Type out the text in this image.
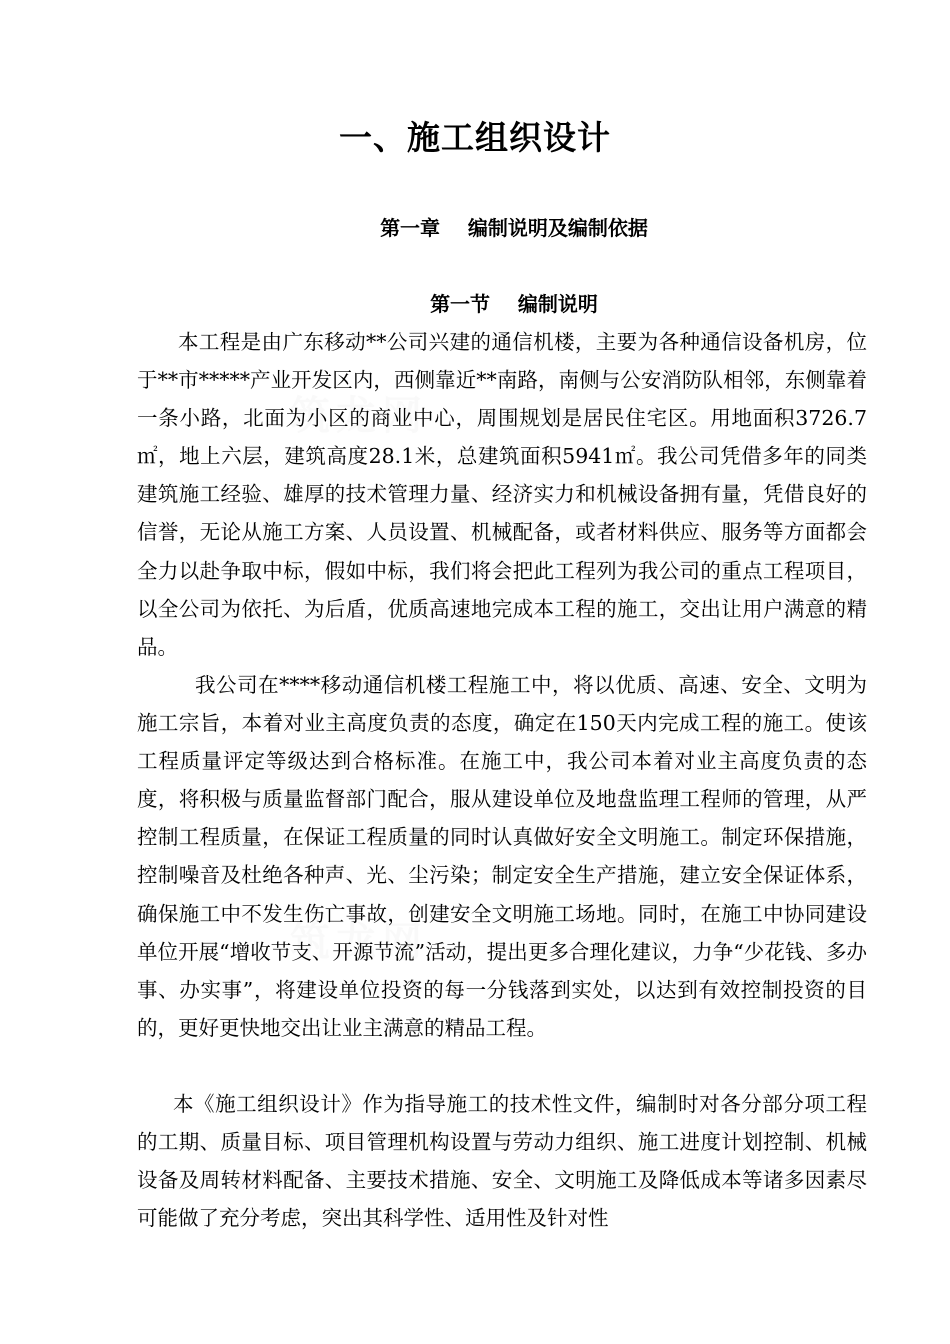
一、施工组织设计
第一章    编制说明及编制依据
第一节    编制说明

本工程是由广东移动**公司兴建的通信机楼，主要为各种通信设备机房，位于**市*****产业开发区内，西侧靠近**南路，南侧与公安消防队相邻，东侧靠着一条小路，北面为小区的商业中心，周围规划是居民住宅区。用地面积3726.7㎡，地上六层，建筑高度28.1米，总建筑面积5941㎡。我公司凭借多年的同类建筑施工经验、雄厚的技术管理力量、经济实力和机械设备拥有量，凭借良好的信誉，无论从施工方案、人员设置、机械配备，或者材料供应、服务等方面都会全力以赴争取中标，假如中标，我们将会把此工程列为我公司的重点工程项目，以全公司为依托、为后盾，优质高速地完成本工程的施工，交出让用户满意的精品。

我公司在****移动通信机楼工程施工中，将以优质、高速、安全、文明为施工宗旨，本着对业主高度负责的态度，确定在150天内完成工程的施工。使该工程质量评定等级达到合格标准。在施工中，我公司本着对业主高度负责的态度，将积极与质量监督部门配合，服从建设单位及地盘监理工程师的管理，从严控制工程质量，在保证工程质量的同时认真做好安全文明施工。制定环保措施，控制噪音及杜绝各种声、光、尘污染；制定安全生产措施，建立安全保证体系，确保施工中不发生伤亡事故，创建安全文明施工场地。同时，在施工中协同建设单位开展“增收节支、开源节流”活动，提出更多合理化建议，力争“少花钱、多办事、办实事”，将建设单位投资的每一分钱落到实处，以达到有效控制投资的目的，更好更快地交出让业主满意的精品工程。

本《施工组织设计》作为指导施工的技术性文件，编制时对各分部分项工程的工期、质量目标、项目管理机构设置与劳动力组织、施工进度计划控制、机械设备及周转材料配备、主要技术措施、安全、文明施工及降低成本等诸多因素尽可能做了充分考虑，突出其科学性、适用性及针对性
